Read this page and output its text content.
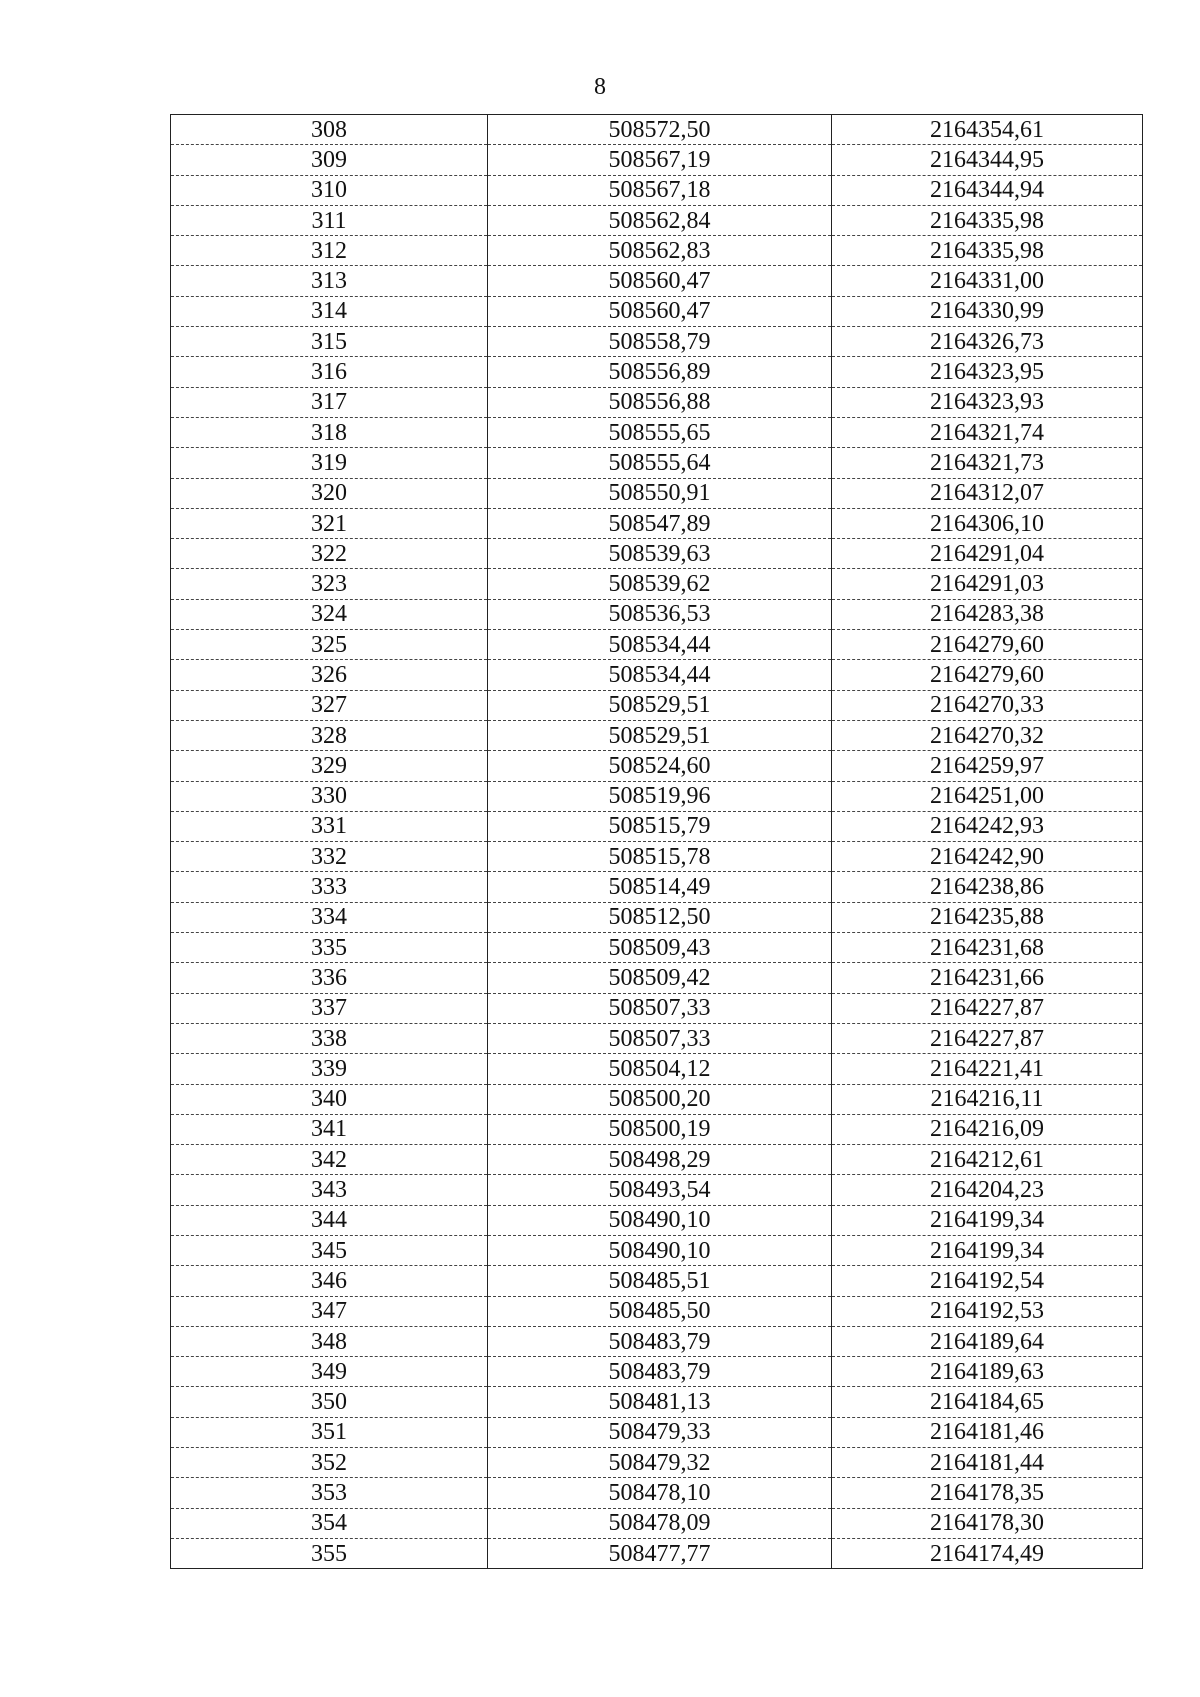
8
308	508572,50	2164354,61
309	508567,19	2164344,95
310	508567,18	2164344,94
311	508562,84	2164335,98
312	508562,83	2164335,98
313	508560,47	2164331,00
314	508560,47	2164330,99
315	508558,79	2164326,73
316	508556,89	2164323,95
317	508556,88	2164323,93
318	508555,65	2164321,74
319	508555,64	2164321,73
320	508550,91	2164312,07
321	508547,89	2164306,10
322	508539,63	2164291,04
323	508539,62	2164291,03
324	508536,53	2164283,38
325	508534,44	2164279,60
326	508534,44	2164279,60
327	508529,51	2164270,33
328	508529,51	2164270,32
329	508524,60	2164259,97
330	508519,96	2164251,00
331	508515,79	2164242,93
332	508515,78	2164242,90
333	508514,49	2164238,86
334	508512,50	2164235,88
335	508509,43	2164231,68
336	508509,42	2164231,66
337	508507,33	2164227,87
338	508507,33	2164227,87
339	508504,12	2164221,41
340	508500,20	2164216,11
341	508500,19	2164216,09
342	508498,29	2164212,61
343	508493,54	2164204,23
344	508490,10	2164199,34
345	508490,10	2164199,34
346	508485,51	2164192,54
347	508485,50	2164192,53
348	508483,79	2164189,64
349	508483,79	2164189,63
350	508481,13	2164184,65
351	508479,33	2164181,46
352	508479,32	2164181,44
353	508478,10	2164178,35
354	508478,09	2164178,30
355	508477,77	2164174,49
